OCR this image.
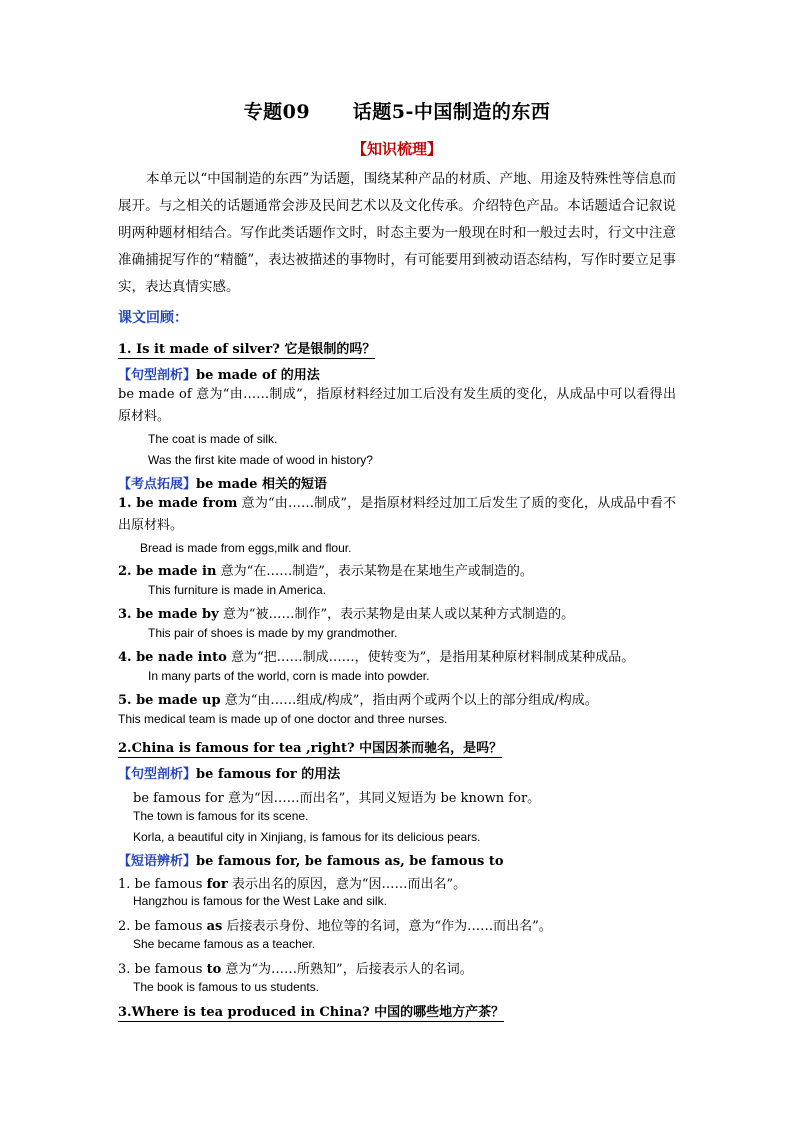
专题09      话题5-中国制造的东西
【知识梳理】
本单元以“中国制造的东西”为话题，围绕某种产品的材质、产地、用途及特殊性等信息而展开。与之相关的话题通常会涉及民间艺术以及文化传承。介绍特色产品。本话题适合记叙说明两种题材相结合。写作此类话题作文时，时态主要为一般现在时和一般过去时，行文中注意准确捕捉写作的“精髓”，表达被描述的事物时，有可能要用到被动语态结构，写作时要立足事实，表达真情实感。
课文回顾：
1. Is it made of silver? 它是银制的吗？
【句型剖析】be made of 的用法
be made of 意为“由……制成”，指原材料经过加工后没有发生质的变化，从成品中可以看得出原材料。
The coat is made of silk.
Was the first kite made of wood in history?
【考点拓展】be made 相关的短语
1. be made from 意为“由……制成”，是指原材料经过加工后发生了质的变化，从成品中看不出原材料。
Bread is made from eggs,milk and flour.
2. be made in 意为“在……制造”，表示某物是在某地生产或制造的。
This furniture is made in America.
3. be made by 意为“被……制作”，表示某物是由某人或以某种方式制造的。
This pair of shoes is made by my grandmother.
4. be nade into 意为“把……制成……，使转变为”，是指用某种原材料制成某种成品。
In many parts of the world, corn is made into powder.
5. be made up 意为“由……组成/构成”，指由两个或两个以上的部分组成/构成。
This medical team is made up of one doctor and three nurses.
2.China is famous for tea ,right? 中国因茶而驰名，是吗？
【句型剖析】be famous for 的用法
be famous for 意为“因……而出名”，其同义短语为 be known for。
The town is famous for its scene.
Korla, a beautiful city in Xinjiang, is famous for its delicious pears.
【短语辨析】be famous for, be famous as, be famous to
1. be famous for 表示出名的原因，意为“因……而出名”。
Hangzhou is famous for the West Lake and silk.
2. be famous as 后接表示身份、地位等的名词，意为“作为……而出名”。
She became famous as a teacher.
3. be famous to 意为“为……所熟知”，后接表示人的名词。
The book is famous to us students.
3.Where is tea produced in China? 中国的哪些地方产茶？
